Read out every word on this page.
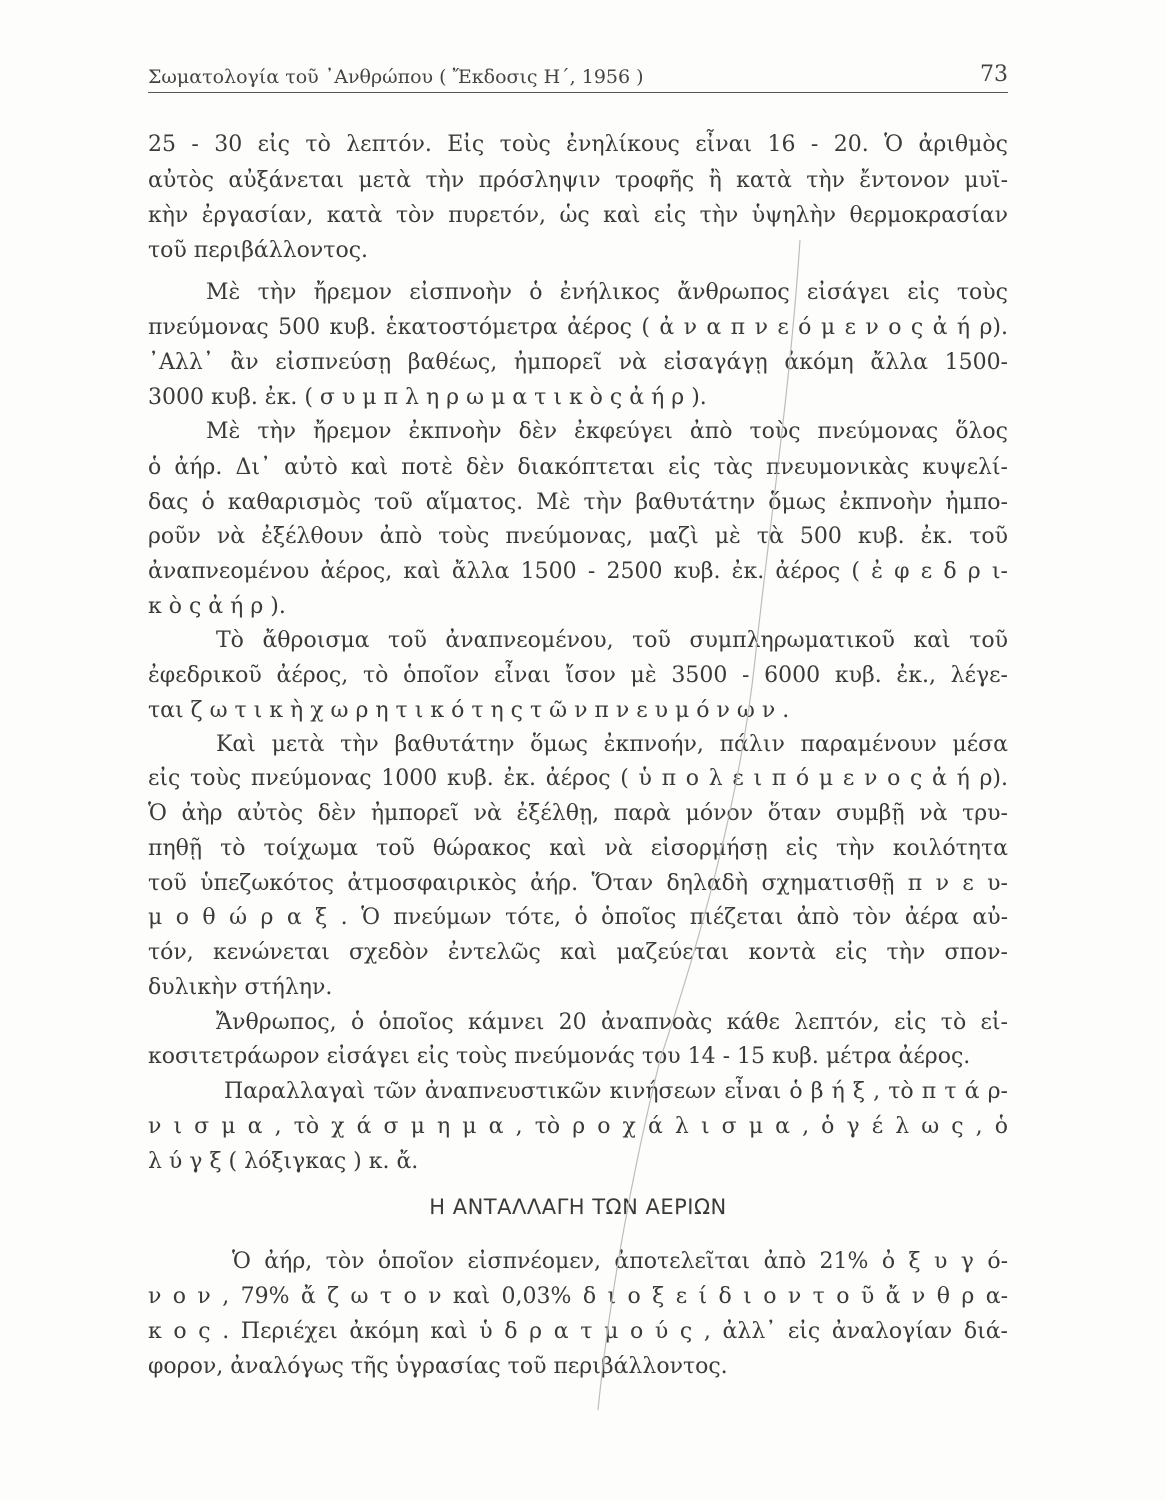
Σωματολογία τοῦ ᾿Ανθρώπου ( Ἔκδοσις Η΄, 1956 )	73
25 - 30 εἰς τὸ λεπτόν. Εἰς τοὺς ἐνηλίκους εἶναι 16 - 20. Ὁ ἀριθμὸς
αὐτὸς αὐξάνεται μετὰ τὴν πρόσληψιν τροφῆς ἢ κατὰ τὴν ἔντονον μυϊ-
κὴν ἐργασίαν, κατὰ τὸν πυρετόν, ὡς καὶ εἰς τὴν ὑψηλὴν θερμοκρασίαν
τοῦ περιβάλλοντος.
Μὲ τὴν ἤρεμον εἰσπνοὴν ὁ ἐνήλικος ἄνθρωπος εἰσάγει εἰς τοὺς
πνεύμονας 500 κυβ. ἑκατοστόμετρα ἀέρος ( ἀ ν α π ν ε ό μ ε ν ο ς ἀ ή ρ).
᾿Αλλ᾿ ἂν εἰσπνεύσῃ βαθέως, ἠμπορεῖ νὰ εἰσαγάγῃ ἀκόμη ἄλλα 1500-
3000 κυβ. ἐκ. ( σ υ μ π λ η ρ ω μ α τ ι κ ὸ ς ἀ ή ρ ).
Μὲ τὴν ἤρεμον ἐκπνοὴν δὲν ἐκφεύγει ἀπὸ τοὺς πνεύμονας ὅλος
ὁ ἀήρ. Δι᾿ αὐτὸ καὶ ποτὲ δὲν διακόπτεται εἰς τὰς πνευμονικὰς κυψελί-
δας ὁ καθαρισμὸς τοῦ αἵματος. Μὲ τὴν βαθυτάτην ὅμως ἐκπνοὴν ἠμπο-
ροῦν νὰ ἐξέλθουν ἀπὸ τοὺς πνεύμονας, μαζὶ μὲ τὰ 500 κυβ. ἐκ. τοῦ
ἀναπνεομένου ἀέρος, καὶ ἄλλα 1500 - 2500 κυβ. ἐκ. ἀέρος ( ἐ φ ε δ ρ ι-
κ ὸ ς ἀ ή ρ ).
Τὸ ἄθροισμα τοῦ ἀναπνεομένου, τοῦ συμπληρωματικοῦ καὶ τοῦ
ἐφεδρικοῦ ἀέρος, τὸ ὁποῖον εἶναι ἴσον μὲ 3500 - 6000 κυβ. ἐκ., λέγε-
ται ζ ω τ ι κ ὴ χ ω ρ η τ ι κ ό τ η ς τ ῶ ν π ν ε υ μ ό ν ω ν .
Καὶ μετὰ τὴν βαθυτάτην ὅμως ἐκπνοήν, πάλιν παραμένουν μέσα
εἰς τοὺς πνεύμονας 1000 κυβ. ἐκ. ἀέρος ( ὑ π ο λ ε ι π ό μ ε ν ο ς ἀ ή ρ).
Ὁ ἀὴρ αὐτὸς δὲν ἠμπορεῖ νὰ ἐξέλθῃ, παρὰ μόνον ὅταν συμβῇ νὰ τρυ-
πηθῇ τὸ τοίχωμα τοῦ θώρακος καὶ νὰ εἰσορμήσῃ εἰς τὴν κοιλότητα
τοῦ ὑπεζωκότος ἀτμοσφαιρικὸς ἀήρ. Ὅταν δηλαδὴ σχηματισθῇ π ν ε υ-
μ ο θ ώ ρ α ξ . Ὁ πνεύμων τότε, ὁ ὁποῖος πιέζεται ἀπὸ τὸν ἀέρα αὐ-
τόν, κενώνεται σχεδὸν ἐντελῶς καὶ μαζεύεται κοντὰ εἰς τὴν σπον-
δυλικὴν στήλην.
Ἄνθρωπος, ὁ ὁποῖος κάμνει 20 ἀναπνοὰς κάθε λεπτόν, εἰς τὸ εἰ-
κοσιτετράωρον εἰσάγει εἰς τοὺς πνεύμονάς του 14 - 15 κυβ. μέτρα ἀέρος.
Παραλλαγαὶ τῶν ἀναπνευστικῶν κινήσεων εἶναι ὁ β ή ξ , τὸ π τ ά ρ-
ν ι σ μ α , τὸ χ ά σ μ η μ α , τὸ ρ ο χ ά λ ι σ μ α , ὁ γ έ λ ω ς , ὁ
λ ύ γ ξ ( λόξιγκας ) κ. ἄ.
Η ΑΝΤΑΛΛΑΓΗ ΤΩΝ ΑΕΡΙΩΝ
Ὁ ἀήρ, τὸν ὁποῖον εἰσπνέομεν, ἀποτελεῖται ἀπὸ 21% ὀ ξ υ γ ό-
ν ο ν , 79% ἄ ζ ω τ ο ν καὶ 0,03% δ ι ο ξ ε ί δ ι ο ν τ ο ῦ ἄ ν θ ρ α-
κ ο ς . Περιέχει ἀκόμη καὶ ὑ δ ρ α τ μ ο ύ ς , ἀλλ᾿ εἰς ἀναλογίαν διά-
φορον, ἀναλόγως τῆς ὑγρασίας τοῦ περιβάλλοντος.
